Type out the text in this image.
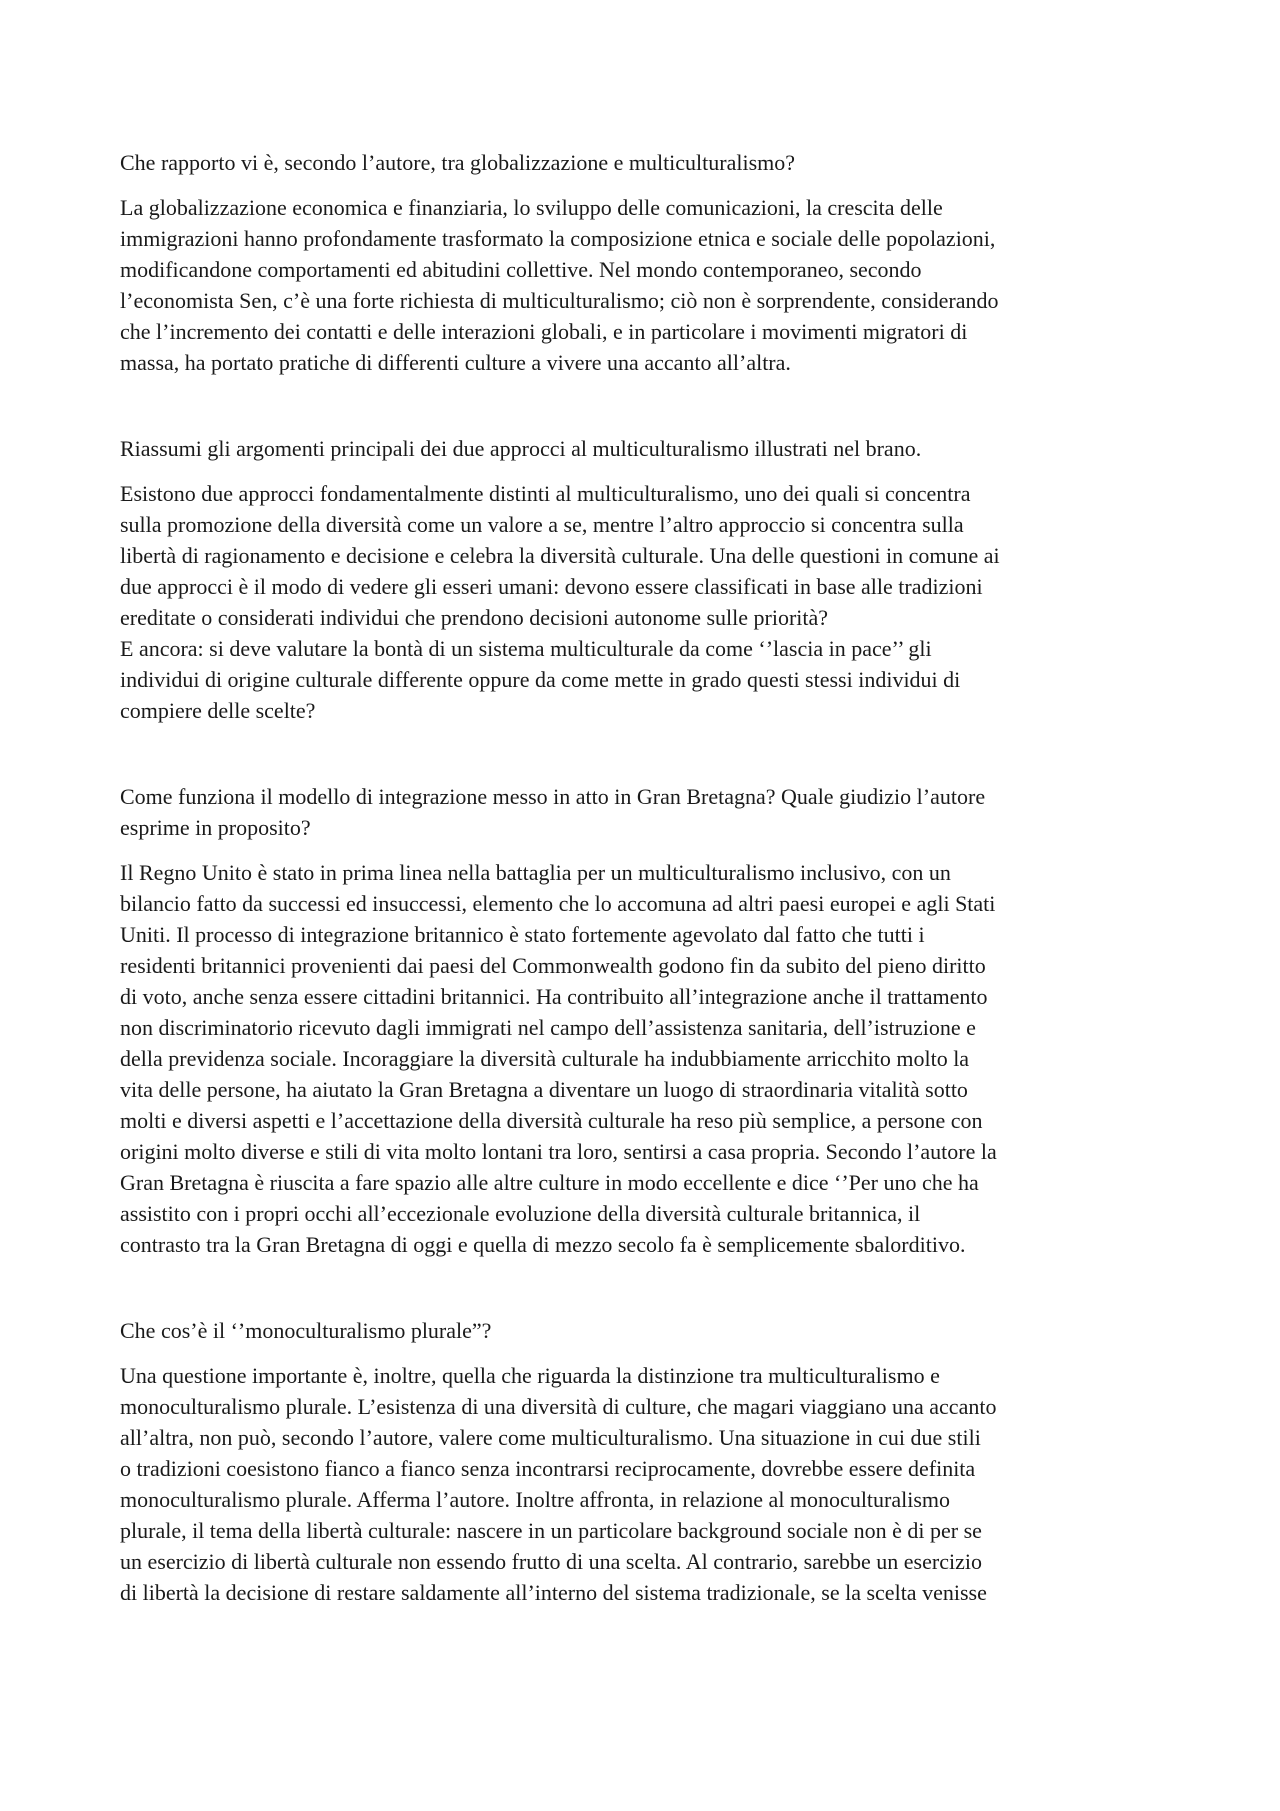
Che rapporto vi è, secondo l’autore, tra globalizzazione e multiculturalismo?

La globalizzazione economica e finanziaria, lo sviluppo delle comunicazioni, la crescita delle
immigrazioni hanno profondamente trasformato la composizione etnica e sociale delle popolazioni,
modificandone comportamenti ed abitudini collettive. Nel mondo contemporaneo, secondo
l’economista Sen, c’è una forte richiesta di multiculturalismo; ciò non è sorprendente, considerando
che l’incremento dei contatti e delle interazioni globali, e in particolare i movimenti migratori di
massa, ha portato pratiche di differenti culture a vivere una accanto all’altra.

Riassumi gli argomenti principali dei due approcci al multiculturalismo illustrati nel brano.

Esistono due approcci fondamentalmente distinti al multiculturalismo, uno dei quali si concentra
sulla promozione della diversità come un valore a se, mentre l’altro approccio si concentra sulla
libertà di ragionamento e decisione e celebra la diversità culturale. Una delle questioni in comune ai
due approcci è il modo di vedere gli esseri umani: devono essere classificati in base alle tradizioni
ereditate o considerati individui che prendono decisioni autonome sulle priorità?
E ancora: si deve valutare la bontà di un sistema multiculturale da come ‘’lascia in pace’’ gli
individui di origine culturale differente oppure da come mette in grado questi stessi individui di
compiere delle scelte?

Come funziona il modello di integrazione messo in atto in Gran Bretagna? Quale giudizio l’autore
esprime in proposito?

Il Regno Unito è stato in prima linea nella battaglia per un multiculturalismo inclusivo, con un
bilancio fatto da successi ed insuccessi, elemento che lo accomuna ad altri paesi europei e agli Stati
Uniti. Il processo di integrazione britannico è stato fortemente agevolato dal fatto che tutti i
residenti britannici provenienti dai paesi del Commonwealth godono fin da subito del pieno diritto
di voto, anche senza essere cittadini britannici. Ha contribuito all’integrazione anche il trattamento
non discriminatorio ricevuto dagli immigrati nel campo dell’assistenza sanitaria, dell’istruzione e
della previdenza sociale. Incoraggiare la diversità culturale ha indubbiamente arricchito molto la
vita delle persone, ha aiutato la Gran Bretagna a diventare un luogo di straordinaria vitalità sotto
molti e diversi aspetti e l’accettazione della diversità culturale ha reso più semplice, a persone con
origini molto diverse e stili di vita molto lontani tra loro, sentirsi a casa propria. Secondo l’autore la
Gran Bretagna è riuscita a fare spazio alle altre culture in modo eccellente e dice ‘’Per uno che ha
assistito con i propri occhi all’eccezionale evoluzione della diversità culturale britannica, il
contrasto tra la Gran Bretagna di oggi e quella di mezzo secolo fa è semplicemente sbalorditivo.

Che cos’è il ‘’monoculturalismo plurale”?

Una questione importante è, inoltre, quella che riguarda la distinzione tra multiculturalismo e
monoculturalismo plurale. L’esistenza di una diversità di culture, che magari viaggiano una accanto
all’altra, non può, secondo l’autore, valere come multiculturalismo. Una situazione in cui due stili
o tradizioni coesistono fianco a fianco senza incontrarsi reciprocamente, dovrebbe essere definita
monoculturalismo plurale. Afferma l’autore. Inoltre affronta, in relazione al monoculturalismo
plurale, il tema della libertà culturale: nascere in un particolare background sociale non è di per se
un esercizio di libertà culturale non essendo frutto di una scelta. Al contrario, sarebbe un esercizio
di libertà la decisione di restare saldamente all’interno del sistema tradizionale, se la scelta venisse
